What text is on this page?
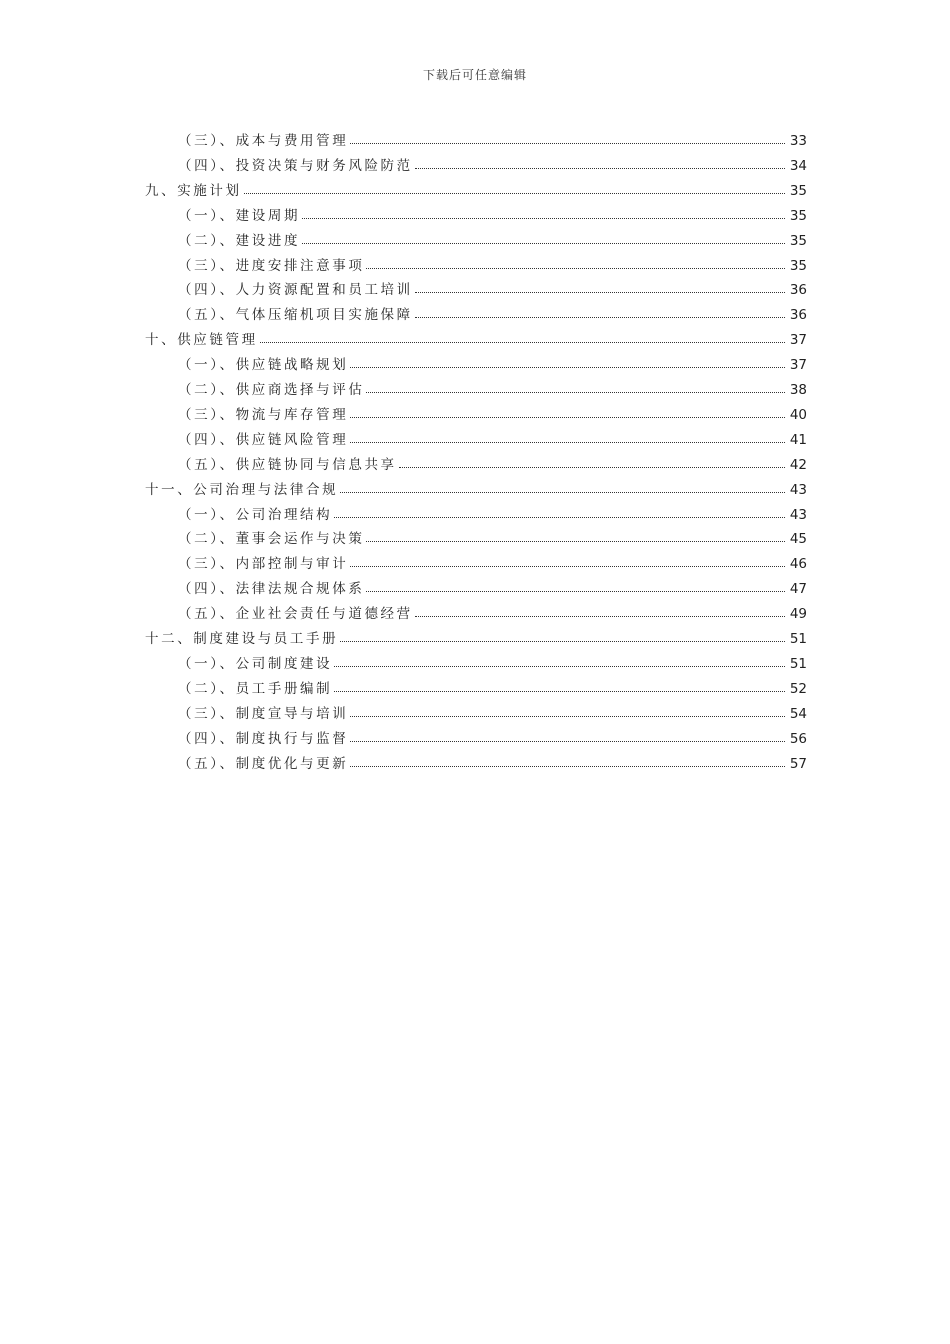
下载后可任意编辑
（三）、成本与费用管理	33
（四）、投资决策与财务风险防范	34
九、实施计划	35
（一）、建设周期	35
（二）、建设进度	35
（三）、进度安排注意事项	35
（四）、人力资源配置和员工培训	36
（五）、气体压缩机项目实施保障	36
十、供应链管理	37
（一）、供应链战略规划	37
（二）、供应商选择与评估	38
（三）、物流与库存管理	40
（四）、供应链风险管理	41
（五）、供应链协同与信息共享	42
十一、公司治理与法律合规	43
（一）、公司治理结构	43
（二）、董事会运作与决策	45
（三）、内部控制与审计	46
（四）、法律法规合规体系	47
（五）、企业社会责任与道德经营	49
十二、制度建设与员工手册	51
（一）、公司制度建设	51
（二）、员工手册编制	52
（三）、制度宣导与培训	54
（四）、制度执行与监督	56
（五）、制度优化与更新	57
